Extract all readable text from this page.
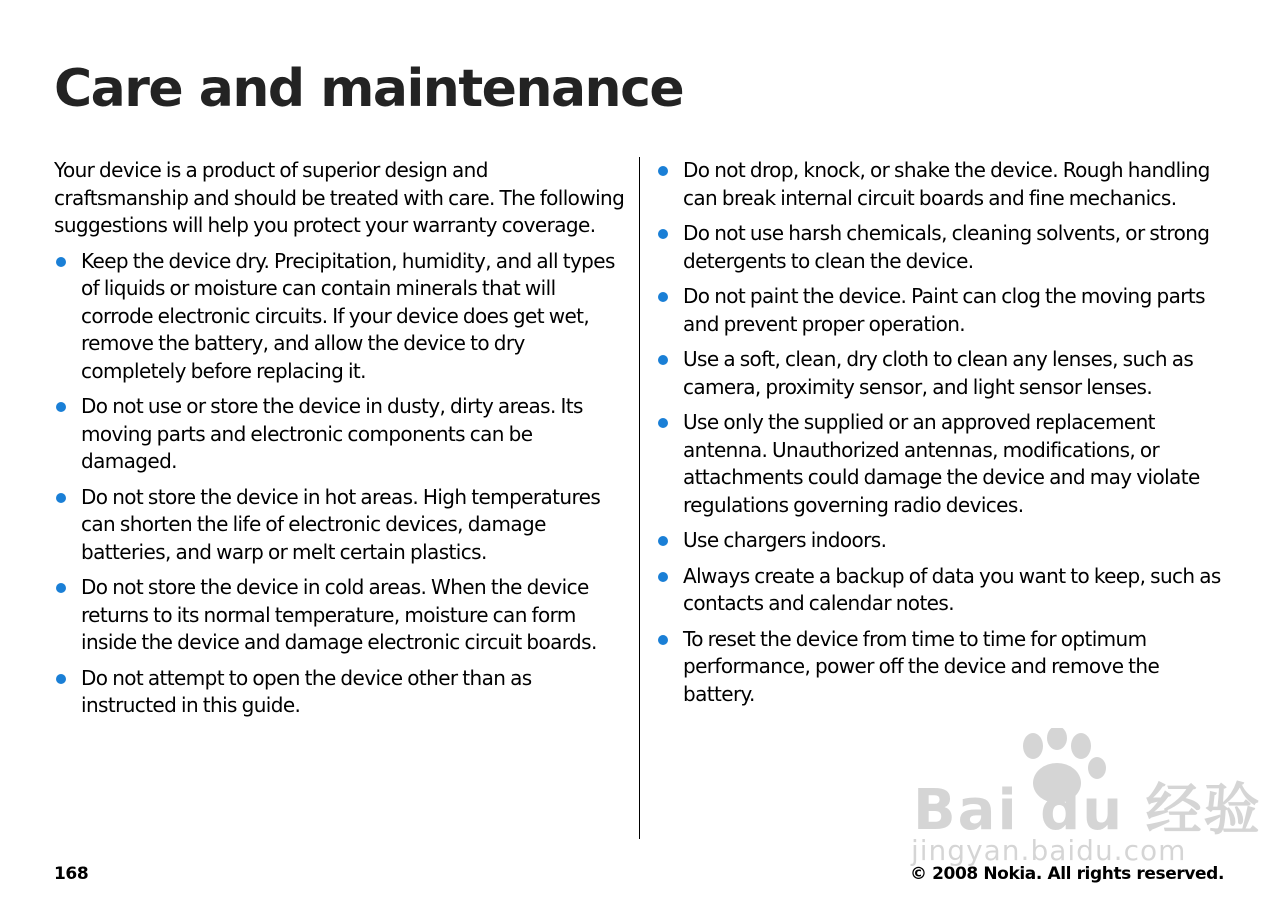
Care and maintenance

Your device is a product of superior design and craftsmanship and should be treated with care. The following suggestions will help you protect your warranty coverage.

Keep the device dry. Precipitation, humidity, and all types of liquids or moisture can contain minerals that will corrode electronic circuits. If your device does get wet, remove the battery, and allow the device to dry completely before replacing it.
Do not use or store the device in dusty, dirty areas. Its moving parts and electronic components can be damaged.
Do not store the device in hot areas. High temperatures can shorten the life of electronic devices, damage batteries, and warp or melt certain plastics.
Do not store the device in cold areas. When the device returns to its normal temperature, moisture can form inside the device and damage electronic circuit boards.
Do not attempt to open the device other than as instructed in this guide.
Do not drop, knock, or shake the device. Rough handling can break internal circuit boards and fine mechanics.
Do not use harsh chemicals, cleaning solvents, or strong detergents to clean the device.
Do not paint the device. Paint can clog the moving parts and prevent proper operation.
Use a soft, clean, dry cloth to clean any lenses, such as camera, proximity sensor, and light sensor lenses.
Use only the supplied or an approved replacement antenna. Unauthorized antennas, modifications, or attachments could damage the device and may violate regulations governing radio devices.
Use chargers indoors.
Always create a backup of data you want to keep, such as contacts and calendar notes.
To reset the device from time to time for optimum performance, power off the device and remove the battery.
Bai du 经验
jingyan.baidu.com
168	© 2008 Nokia. All rights reserved.
